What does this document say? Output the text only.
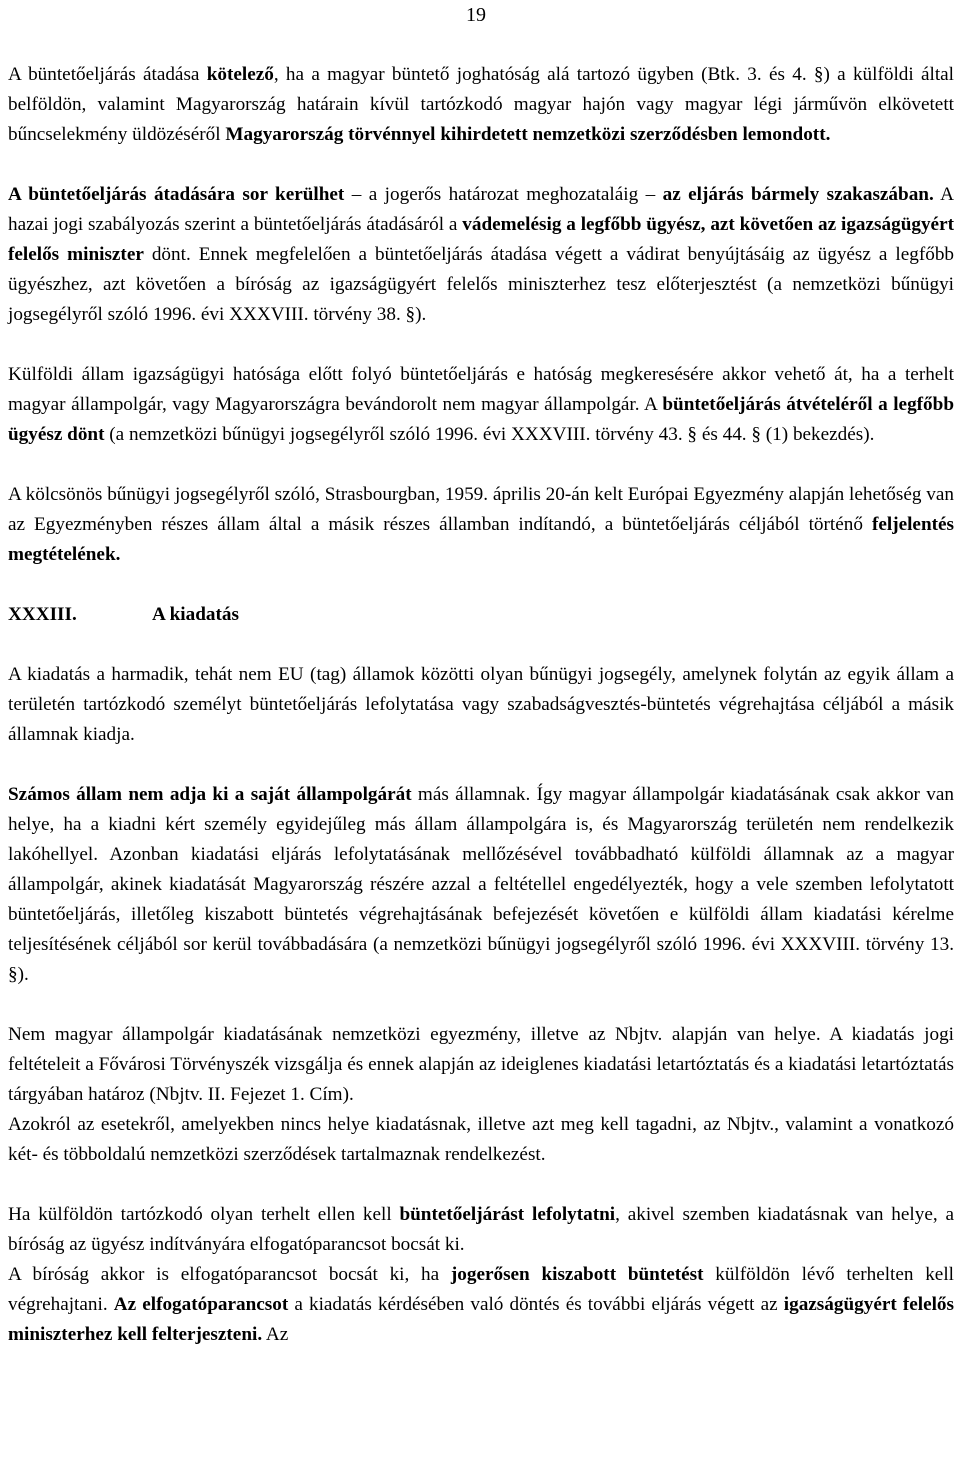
19

A büntetőeljárás átadása kötelező, ha a magyar büntető joghatóság alá tartozó ügyben (Btk. 3. és 4. §) a külföldi által belföldön, valamint Magyarország határain kívül tartózkodó magyar hajón vagy magyar légi járművön elkövetett bűncselekmény üldözéséről Magyarország törvénnyel kihirdetett nemzetközi szerződésben lemondott.

A büntetőeljárás átadására sor kerülhet – a jogerős határozat meghozataláig – az eljárás bármely szakaszában. A hazai jogi szabályozás szerint a büntetőeljárás átadásáról a vádemelésig a legfőbb ügyész, azt követően az igazságügyért felelős miniszter dönt. Ennek megfelelően a büntetőeljárás átadása végett a vádirat benyújtásáig az ügyész a legfőbb ügyészhez, azt követően a bíróság az igazságügyért felelős miniszterhez tesz előterjesztést (a nemzetközi bűnügyi jogsegélyről szóló 1996. évi XXXVIII. törvény 38. §).

Külföldi állam igazságügyi hatósága előtt folyó büntetőeljárás e hatóság megkeresésére akkor vehető át, ha a terhelt magyar állampolgár, vagy Magyarországra bevándorolt nem magyar állampolgár. A büntetőeljárás átvételéről a legfőbb ügyész dönt (a nemzetközi bűnügyi jogsegélyről szóló 1996. évi XXXVIII. törvény 43. § és 44. § (1) bekezdés).

A kölcsönös bűnügyi jogsegélyről szóló, Strasbourgban, 1959. április 20-án kelt Európai Egyezmény alapján lehetőség van az Egyezményben részes állam által a másik részes államban indítandó, a büntetőeljárás céljából történő feljelentés megtételének.

XXXIII.	A kiadatás

A kiadatás a harmadik, tehát nem EU (tag) államok közötti olyan bűnügyi jogsegély, amelynek folytán az egyik állam a területén tartózkodó személyt büntetőeljárás lefolytatása vagy szabadságvesztés-büntetés végrehajtása céljából a másik államnak kiadja.

Számos állam nem adja ki a saját állampolgárát más államnak. Így magyar állampolgár kiadatásának csak akkor van helye, ha a kiadni kért személy egyidejűleg más állam állampolgára is, és Magyarország területén nem rendelkezik lakóhellyel. Azonban kiadatási eljárás lefolytatásának mellőzésével továbbadható külföldi államnak az a magyar állampolgár, akinek kiadatását Magyarország részére azzal a feltétellel engedélyezték, hogy a vele szemben lefolytatott büntetőeljárás, illetőleg kiszabott büntetés végrehajtásának befejezését követően e külföldi állam kiadatási kérelme teljesítésének céljából sor kerül továbbadására (a nemzetközi bűnügyi jogsegélyről szóló 1996. évi XXXVIII. törvény 13. §).

Nem magyar állampolgár kiadatásának nemzetközi egyezmény, illetve az Nbjtv. alapján van helye. A kiadatás jogi feltételeit a Fővárosi Törvényszék vizsgálja és ennek alapján az ideiglenes kiadatási letartóztatás és a kiadatási letartóztatás tárgyában határoz (Nbjtv. II. Fejezet 1. Cím).

Azokról az esetekről, amelyekben nincs helye kiadatásnak, illetve azt meg kell tagadni, az Nbjtv., valamint a vonatkozó két- és többoldalú nemzetközi szerződések tartalmaznak rendelkezést.

Ha külföldön tartózkodó olyan terhelt ellen kell büntetőeljárást lefolytatni, akivel szemben kiadatásnak van helye, a bíróság az ügyész indítványára elfogatóparancsot bocsát ki.

A bíróság akkor is elfogatóparancsot bocsát ki, ha jogerősen kiszabott büntetést külföldön lévő terhelten kell végrehajtani. Az elfogatóparancsot a kiadatás kérdésében való döntés és további eljárás végett az igazságügyért felelős miniszterhez kell felterjeszteni. Az
